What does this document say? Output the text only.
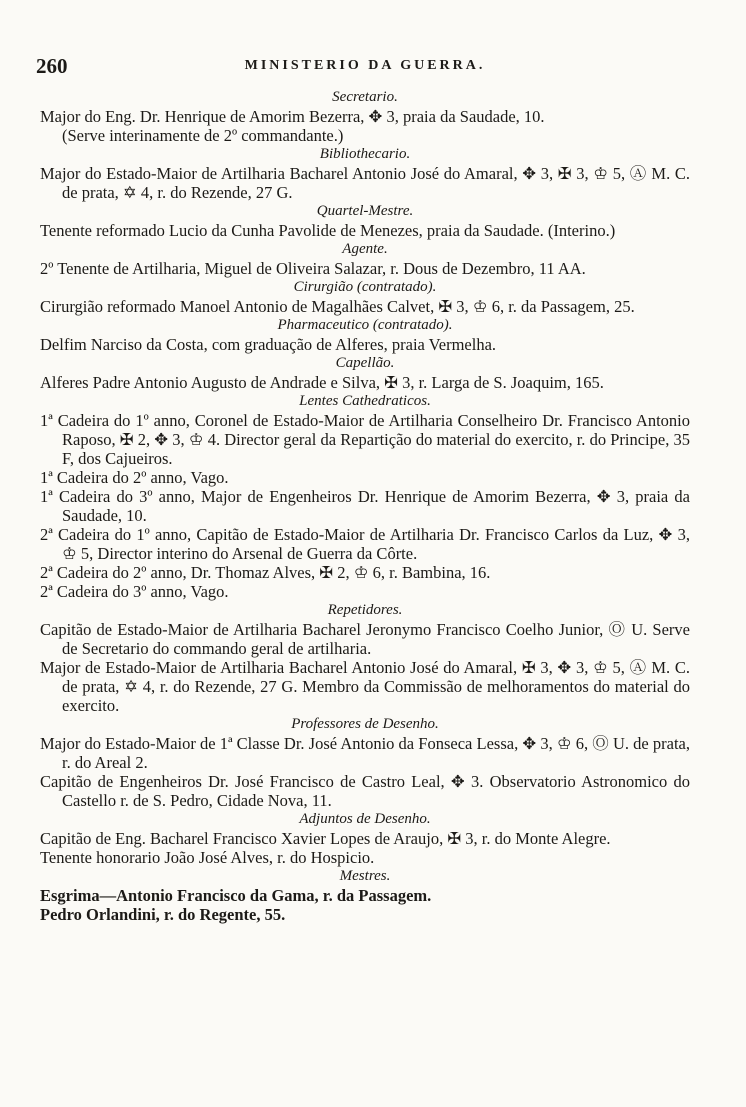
260	MINISTERIO DA GUERRA.

Secretario.

Major do Eng. Dr. Henrique de Amorim Bezerra, ✥ 3, praia da Saudade, 10.

(Serve interinamente de 2º commandante.)

Bibliothecario.

Major do Estado-Maior de Artilharia Bacharel Antonio José do Amaral, ✥ 3, ✠ 3, ♔ 5, Ⓐ M. C. de prata, ✡ 4, r. do Rezende, 27 G.

Quartel-Mestre.

Tenente reformado Lucio da Cunha Pavolide de Menezes, praia da Saudade. (Interino.)

Agente.

2º Tenente de Artilharia, Miguel de Oliveira Salazar, r. Dous de Dezembro, 11 AA.

Cirurgião (contratado).

Cirurgião reformado Manoel Antonio de Magalhães Calvet, ✠ 3, ♔ 6, r. da Passagem, 25.

Pharmaceutico (contratado).

Delfim Narciso da Costa, com graduação de Alferes, praia Vermelha.

Capellão.

Alferes Padre Antonio Augusto de Andrade e Silva, ✠ 3, r. Larga de S. Joaquim, 165.

Lentes Cathedraticos.

1ª Cadeira do 1º anno, Coronel de Estado-Maior de Artilharia Conselheiro Dr. Francisco Antonio Raposo, ✠ 2, ✥ 3, ♔ 4. Director geral da Repartição do material do exercito, r. do Principe, 35 F, dos Cajueiros.

1ª Cadeira do 2º anno, Vago.

1ª Cadeira do 3º anno, Major de Engenheiros Dr. Henrique de Amorim Bezerra, ✥ 3, praia da Saudade, 10.

2ª Cadeira do 1º anno, Capitão de Estado-Maior de Artilharia Dr. Francisco Carlos da Luz, ✥ 3, ♔ 5, Director interino do Arsenal de Guerra da Côrte.

2ª Cadeira do 2º anno, Dr. Thomaz Alves, ✠ 2, ♔ 6, r. Bambina, 16.

2ª Cadeira do 3º anno, Vago.

Repetidores.

Capitão de Estado-Maior de Artilharia Bacharel Jeronymo Francisco Coelho Junior, Ⓞ U. Serve de Secretario do commando geral de artilharia.

Major de Estado-Maior de Artilharia Bacharel Antonio José do Amaral, ✠ 3, ✥ 3, ♔ 5, Ⓐ M. C. de prata, ✡ 4, r. do Rezende, 27 G. Membro da Commissão de melhoramentos do material do exercito.

Professores de Desenho.

Major do Estado-Maior de 1ª Classe Dr. José Antonio da Fonseca Lessa, ✥ 3, ♔ 6, Ⓞ U. de prata, r. do Areal 2.

Capitão de Engenheiros Dr. José Francisco de Castro Leal, ✥ 3. Observatorio Astronomico do Castello r. de S. Pedro, Cidade Nova, 11.

Adjuntos de Desenho.

Capitão de Eng. Bacharel Francisco Xavier Lopes de Araujo, ✠ 3, r. do Monte Alegre.

Tenente honorario João José Alves, r. do Hospicio.

Mestres.

Esgrima—Antonio Francisco da Gama, r. da Passagem.

Pedro Orlandini, r. do Regente, 55.
